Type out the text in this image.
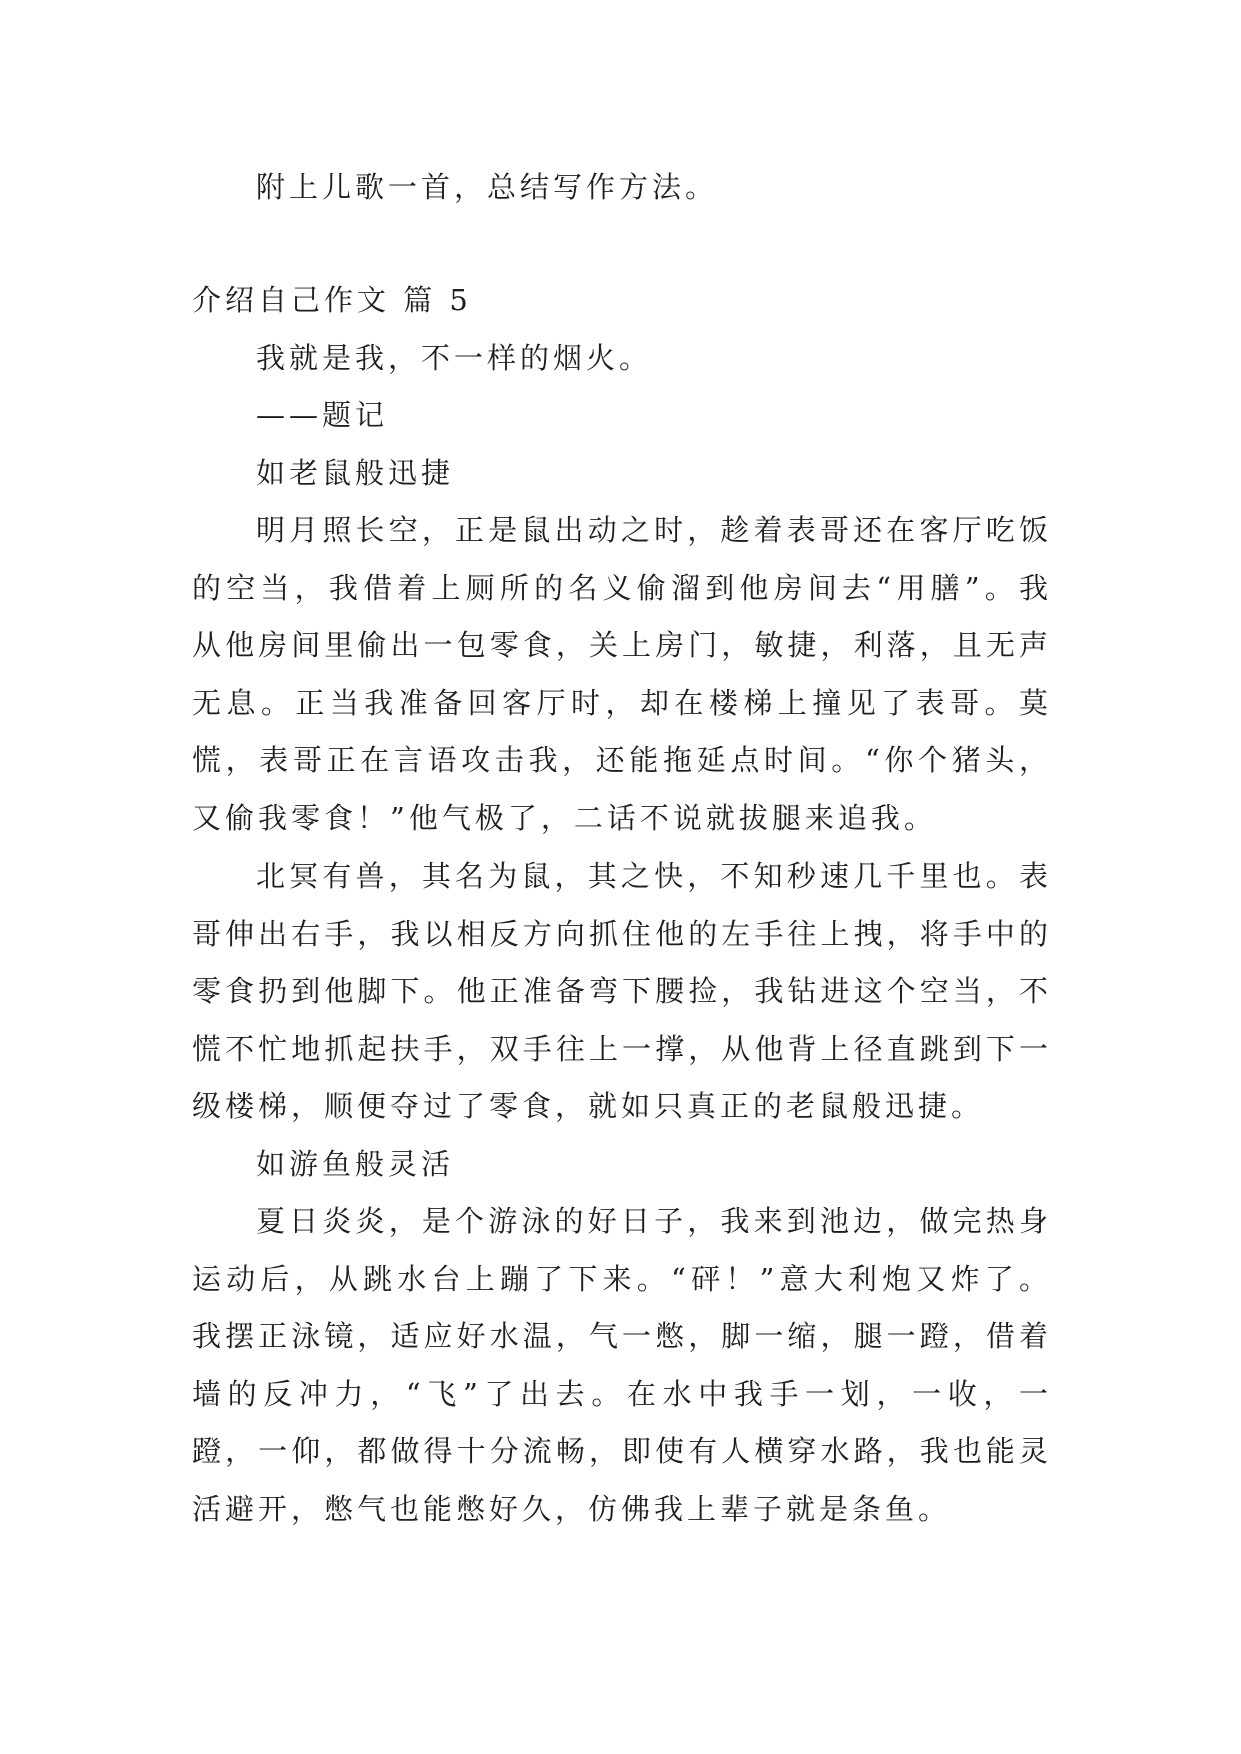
附上儿歌一首，总结写作方法。

介绍自己作文 篇 5

我就是我，不一样的烟火。

——题记

如老鼠般迅捷

明月照长空，正是鼠出动之时，趁着表哥还在客厅吃饭的空当，我借着上厕所的名义偷溜到他房间去“用膳”。我从他房间里偷出一包零食，关上房门，敏捷，利落，且无声无息。正当我准备回客厅时，却在楼梯上撞见了表哥。莫慌，表哥正在言语攻击我，还能拖延点时间。“你个猪头，又偷我零食！”他气极了，二话不说就拔腿来追我。

北冥有兽，其名为鼠，其之快，不知秒速几千里也。表哥伸出右手，我以相反方向抓住他的左手往上拽，将手中的零食扔到他脚下。他正准备弯下腰捡，我钻进这个空当，不慌不忙地抓起扶手，双手往上一撑，从他背上径直跳到下一级楼梯，顺便夺过了零食，就如只真正的老鼠般迅捷。

如游鱼般灵活

夏日炎炎，是个游泳的好日子，我来到池边，做完热身运动后，从跳水台上蹦了下来。“砰！”意大利炮又炸了。我摆正泳镜，适应好水温，气一憋，脚一缩，腿一蹬，借着墙的反冲力，“飞”了出去。在水中我手一划，一收，一蹬，一仰，都做得十分流畅，即使有人横穿水路，我也能灵活避开，憋气也能憋好久，仿佛我上辈子就是条鱼。
